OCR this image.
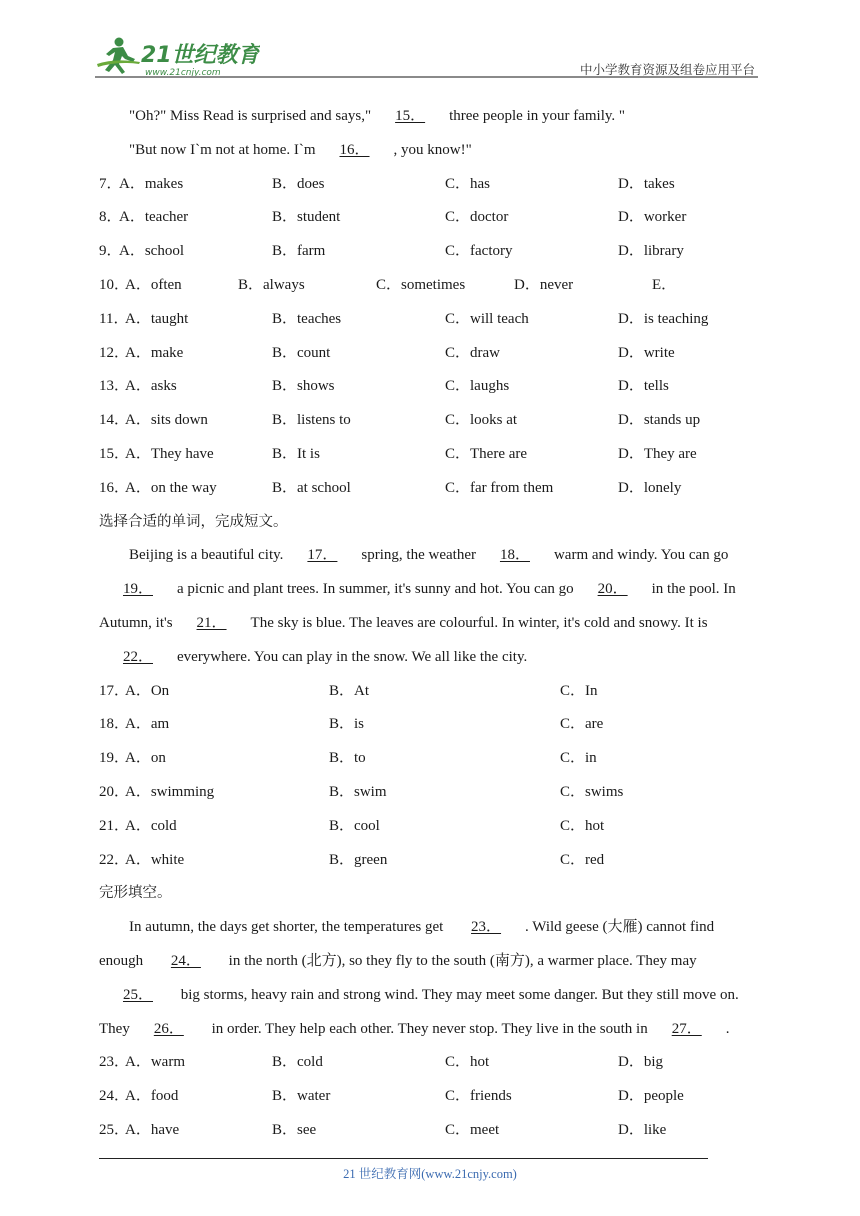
21世纪教育
www.21cnjy.com	中小学教育资源及组卷应用平台
"Oh?" Miss Read is surprised and says," 15． three people in your family. "
"But now I`m not at home. I`m 16． , you know!"
7．
A．makes	B．does	C．has	D．takes
8．
A．teacher	B．student	C．doctor	D．worker
9．
A．school	B．farm	C．factory	D．library
10．
A．often	B．always	C．sometimes	D．never	E．
11．
A．taught	B．teaches	C．will teach	D．is teaching
12．
A．make	B．count	C．draw	D．write
13．
A．asks	B．shows	C．laughs	D．tells
14．
A．sits down	B．listens to	C．looks at	D．stands up
15．
A．They have	B．It is	C．There are	D．They are
16．
A．on the way	B．at school	C．far from them	D．lonely
选择合适的单词，完成短文。
Beijing is a beautiful city. 17． spring, the weather 18． warm and windy. You can go
19． a picnic and plant trees. In summer, it's sunny and hot. You can go 20． in the pool. In
Autumn, it's 21． The sky is blue. The leaves are colourful. In winter, it's cold and snowy. It is
22． everywhere. You can play in the snow. We all like the city.
17．
A．On	B．At	C．In
18．
A．am	B．is	C．are
19．
A．on	B．to	C．in
20．
A．swimming	B．swim	C．swims
21．
A．cold	B．cool	C．hot
22．
A．white	B．green	C．red
完形填空。
In autumn, the days get shorter, the temperatures get 23． . Wild geese (大雁) cannot find
enough 24． in the north (北方), so they fly to the south (南方), a warmer place. They may
25． big storms, heavy rain and strong wind. They may meet some danger. But they still move on.
They 26． in order. They help each other. They never stop. They live in the south in 27． .
23．
A．warm	B．cold	C．hot	D．big
24．
A．food	B．water	C．friends	D．people
25．
A．have	B．see	C．meet	D．like
21 世纪教育网(www.21cnjy.com)
